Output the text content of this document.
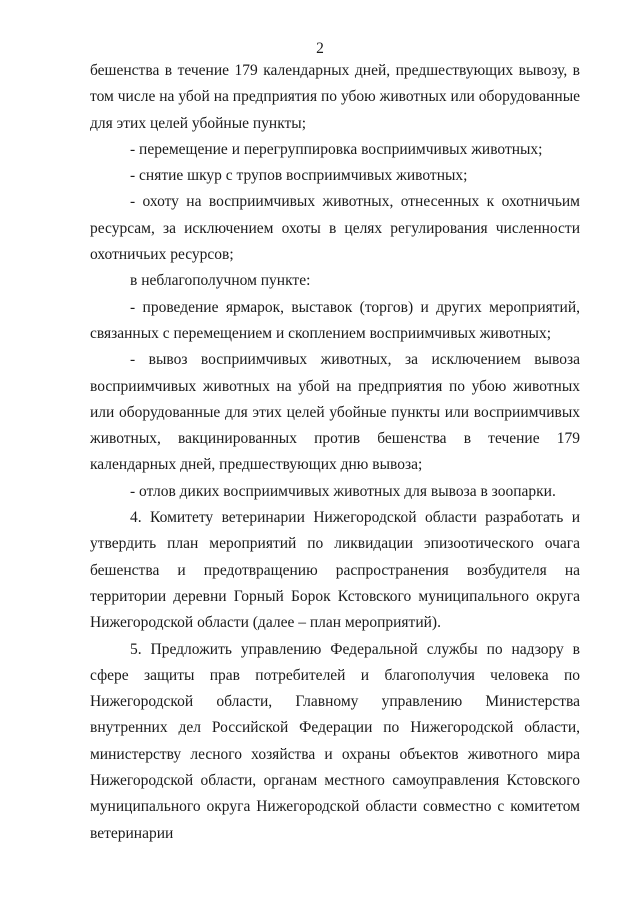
2

бешенства в течение 179 календарных дней, предшествующих вывозу, в том числе на убой на предприятия по убою животных или оборудованные для этих целей убойные пункты;

- перемещение и перегруппировка восприимчивых животных;

- снятие шкур с трупов восприимчивых животных;

- охоту на восприимчивых животных, отнесенных к охотничьим ресурсам, за исключением охоты в целях регулирования численности охотничьих ресурсов;

в неблагополучном пункте:

- проведение ярмарок, выставок (торгов) и других мероприятий, связанных с перемещением и скоплением восприимчивых животных;

- вывоз восприимчивых животных, за исключением вывоза восприимчивых животных на убой на предприятия по убою животных или оборудованные для этих целей убойные пункты или восприимчивых животных, вакцинированных против бешенства в течение 179 календарных дней, предшествующих дню вывоза;

- отлов диких восприимчивых животных для вывоза в зоопарки.

4. Комитету ветеринарии Нижегородской области разработать и утвердить план мероприятий по ликвидации эпизоотического очага бешенства и предотвращению распространения возбудителя на территории деревни Горный Борок Кстовского муниципального округа Нижегородской области (далее – план мероприятий).

5. Предложить управлению Федеральной службы по надзору в сфере защиты прав потребителей и благополучия человека по Нижегородской области, Главному управлению Министерства внутренних дел Российской Федерации по Нижегородской области, министерству лесного хозяйства и охраны объектов животного мира Нижегородской области, органам местного самоуправления Кстовского муниципального округа Нижегородской области совместно с комитетом ветеринарии
